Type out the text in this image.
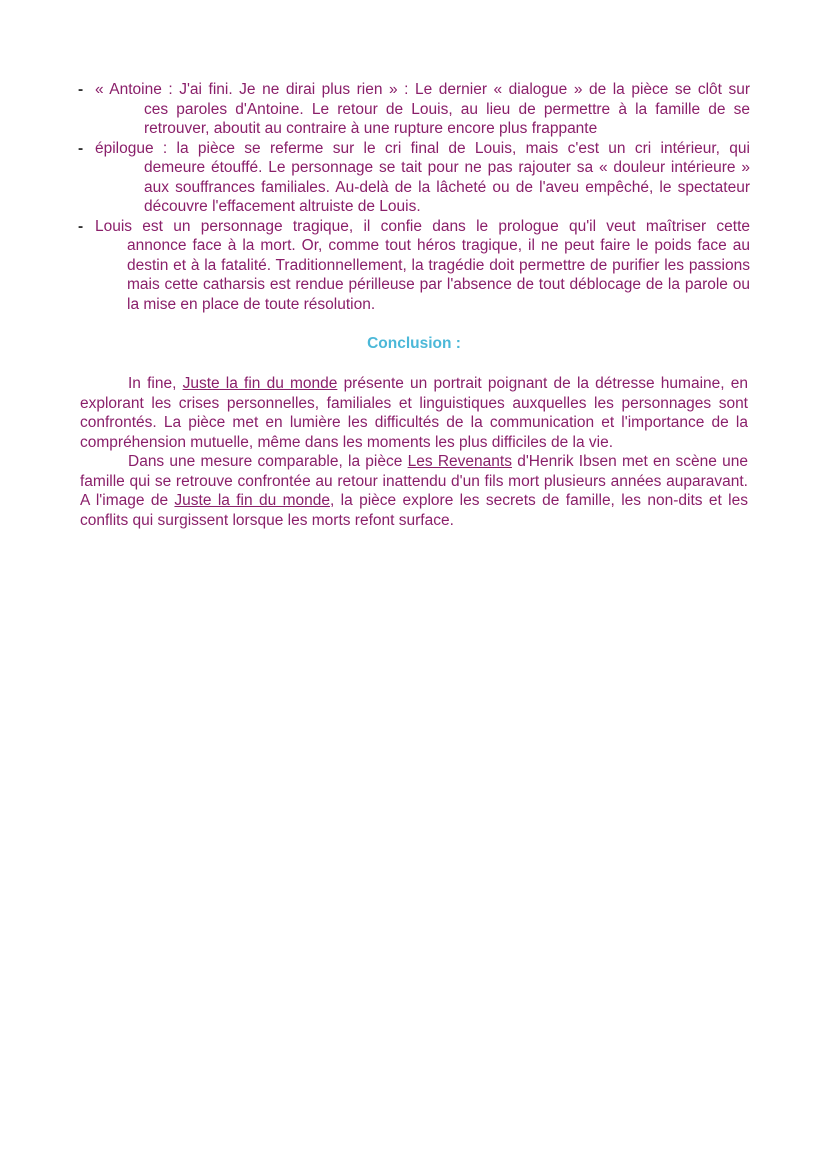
- « Antoine : J'ai fini. Je ne dirai plus rien » : Le dernier « dialogue » de la pièce se clôt sur
ces paroles d'Antoine. Le retour de Louis, au lieu de permettre à la famille de se retrouver, aboutit au contraire à une rupture encore plus frappante
- épilogue : la pièce se referme sur le cri final de Louis, mais c'est un cri intérieur, qui
demeure étouffé. Le personnage se tait pour ne pas rajouter sa « douleur intérieure » aux souffrances familiales. Au-delà de la lâcheté ou de l'aveu empêché, le spectateur découvre l'effacement altruiste de Louis.
- Louis est un personnage tragique, il confie dans le prologue qu'il veut maîtriser cette
annonce face à la mort. Or, comme tout héros tragique, il ne peut faire le poids face au destin et à la fatalité. Traditionnellement, la tragédie doit permettre de purifier les passions mais cette catharsis est rendue périlleuse par l'absence de tout déblocage de la parole ou la mise en place de toute résolution.
Conclusion :

In fine, Juste la fin du monde présente un portrait poignant de la détresse humaine, en explorant les crises personnelles, familiales et linguistiques auxquelles les personnages sont confrontés. La pièce met en lumière les difficultés de la communication et l'importance de la compréhension mutuelle, même dans les moments les plus difficiles de la vie.

Dans une mesure comparable, la pièce Les Revenants d'Henrik Ibsen met en scène une famille qui se retrouve confrontée au retour inattendu d'un fils mort plusieurs années auparavant. A l'image de Juste la fin du monde, la pièce explore les secrets de famille, les non-dits et les conflits qui surgissent lorsque les morts refont surface.
